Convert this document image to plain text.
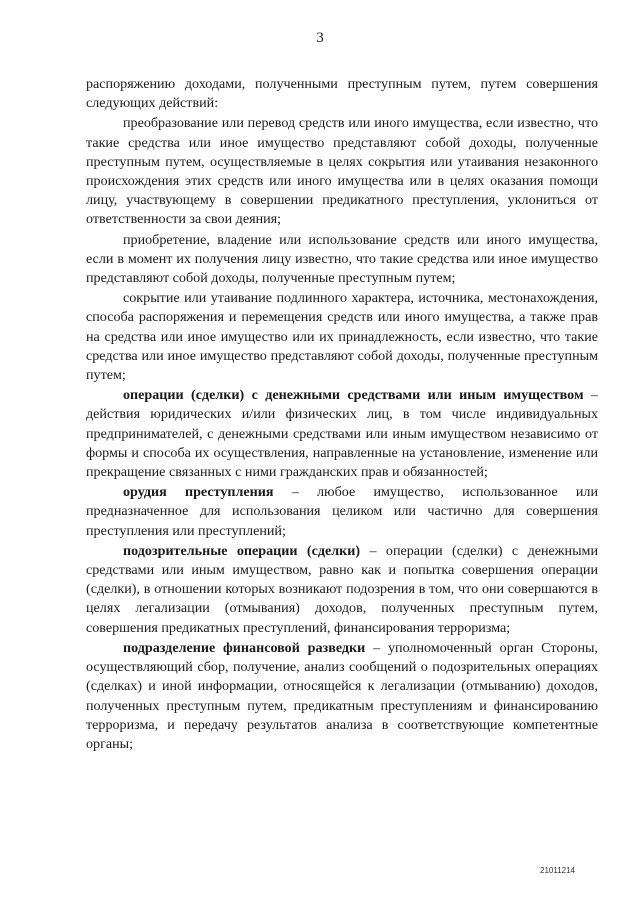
3

распоряжению доходами, полученными преступным путем, путем совершения следующих действий:

преобразование или перевод средств или иного имущества, если известно, что такие средства или иное имущество представляют собой доходы, полученные преступным путем, осуществляемые в целях сокрытия или утаивания незаконного происхождения этих средств или иного имущества или в целях оказания помощи лицу, участвующему в совершении предикатного преступления, уклониться от ответственности за свои деяния;

приобретение, владение или использование средств или иного имущества, если в момент их получения лицу известно, что такие средства или иное имущество представляют собой доходы, полученные преступным путем;

сокрытие или утаивание подлинного характера, источника, местонахождения, способа распоряжения и перемещения средств или иного имущества, а также прав на средства или иное имущество или их принадлежность, если известно, что такие средства или иное имущество представляют собой доходы, полученные преступным путем;

операции (сделки) с денежными средствами или иным имуществом – действия юридических и/или физических лиц, в том числе индивидуальных предпринимателей, с денежными средствами или иным имуществом независимо от формы и способа их осуществления, направленные на установление, изменение или прекращение связанных с ними гражданских прав и обязанностей;

орудия преступления – любое имущество, использованное или предназначенное для использования целиком или частично для совершения преступления или преступлений;

подозрительные операции (сделки) – операции (сделки) с денежными средствами или иным имуществом, равно как и попытка совершения операции (сделки), в отношении которых возникают подозрения в том, что они совершаются в целях легализации (отмывания) доходов, полученных преступным путем, совершения предикатных преступлений, финансирования терроризма;

подразделение финансовой разведки – уполномоченный орган Стороны, осуществляющий сбор, получение, анализ сообщений о подозрительных операциях (сделках) и иной информации, относящейся к легализации (отмыванию) доходов, полученных преступным путем, предикатным преступлениям и финансированию терроризма, и передачу результатов анализа в соответствующие компетентные органы;

21011214
